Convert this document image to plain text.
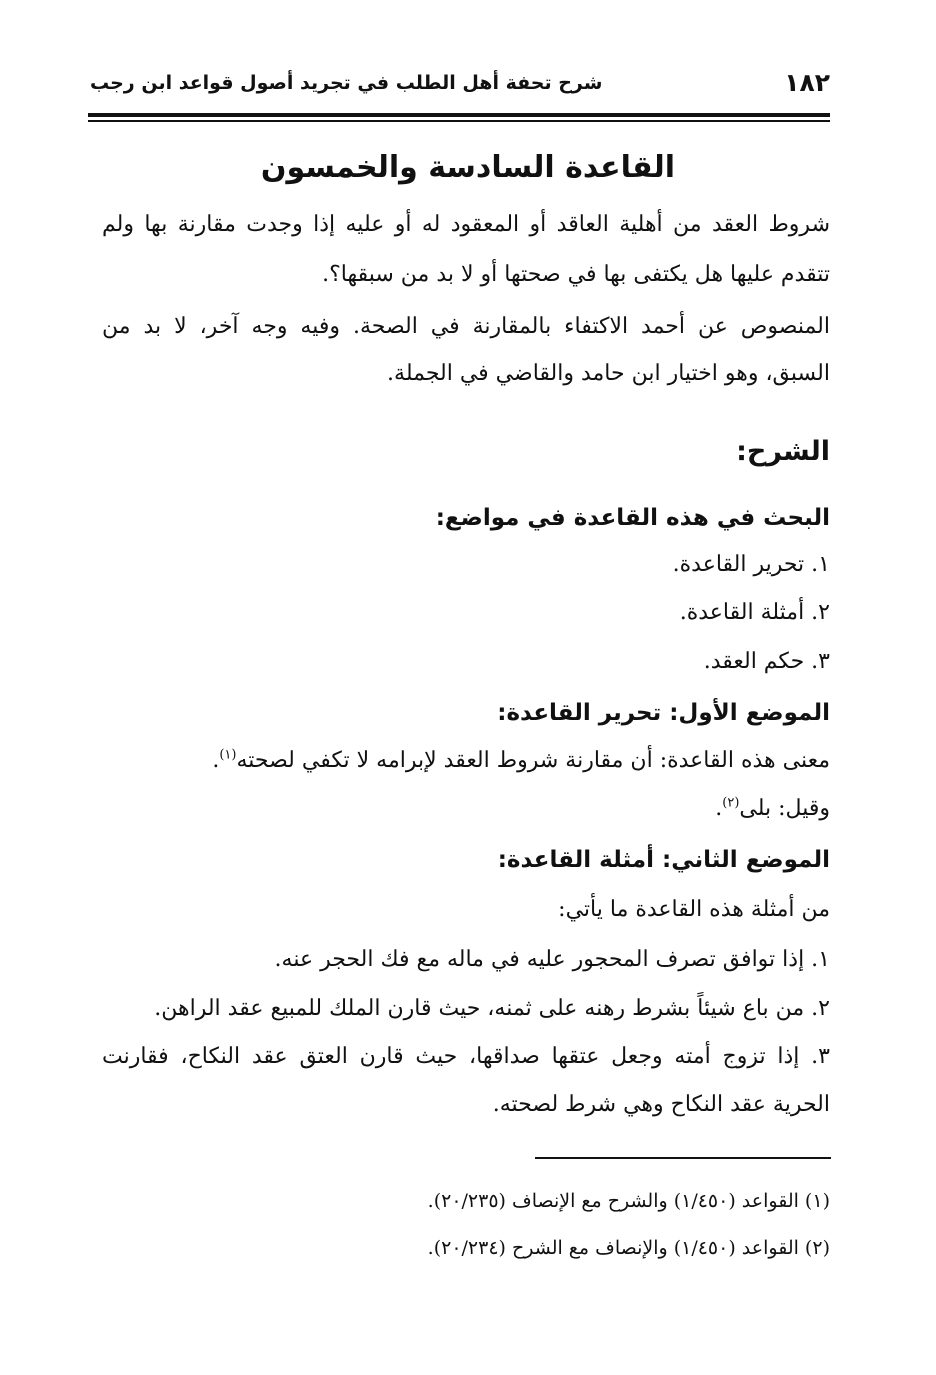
١٨٢
شرح تحفة أهل الطلب في تجريد أصول قواعد ابن رجب
القاعدة السادسة والخمسون
شروط العقد من أهلية العاقد أو المعقود له أو عليه إذا وجدت مقارنة بها ولم
تتقدم عليها هل يكتفى بها في صحتها أو لا بد من سبقها؟.
المنصوص عن أحمد الاكتفاء بالمقارنة في الصحة. وفيه وجه آخر، لا بد من
السبق، وهو اختيار ابن حامد والقاضي في الجملة.
الشرح:
البحث في هذه القاعدة في مواضع:
١. تحرير القاعدة.
٢. أمثلة القاعدة.
٣. حكم العقد.
الموضع الأول: تحرير القاعدة:
معنى هذه القاعدة: أن مقارنة شروط العقد لإبرامه لا تكفي لصحته$^{(١)}$.
وقيل: بلى$^{(٢)}$.
الموضع الثاني: أمثلة القاعدة:
من أمثلة هذه القاعدة ما يأتي:
١. إذا توافق تصرف المحجور عليه في ماله مع فك الحجر عنه.
٢. من باع شيئاً بشرط رهنه على ثمنه، حيث قارن الملك للمبيع عقد الراهن.
٣. إذا تزوج أمته وجعل عتقها صداقها، حيث قارن العتق عقد النكاح، فقارنت
الحرية عقد النكاح وهي شرط لصحته.
(١) القواعد (١/٤٥٠) والشرح مع الإنصاف (٢٠/٢٣٥).
(٢) القواعد (١/٤٥٠) والإنصاف مع الشرح (٢٠/٢٣٤).
